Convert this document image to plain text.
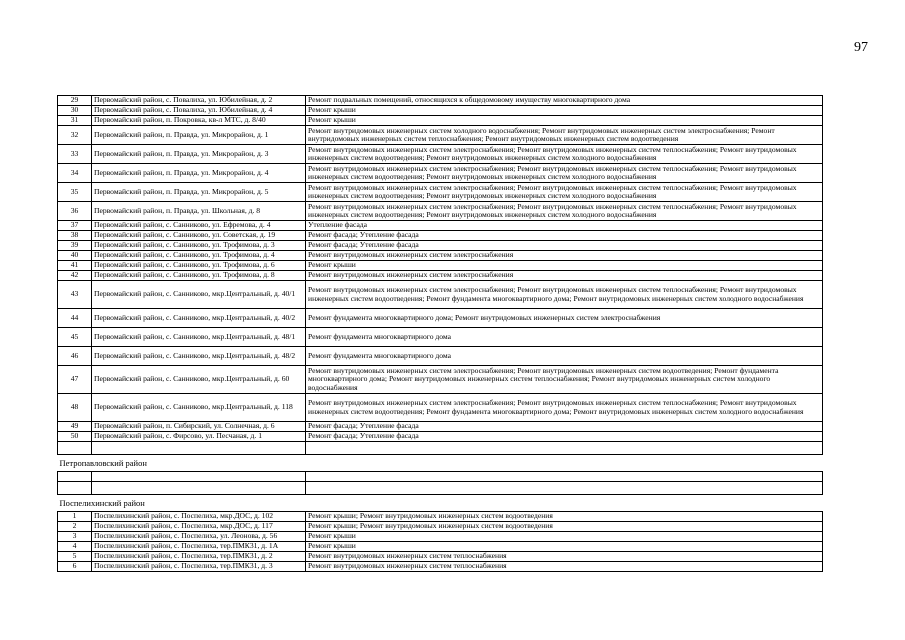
97
29	Первомайский район, с. Повалиха, ул. Юбилейная, д. 2	Ремонт подвальных помещений, относящихся к общедомовому имуществу многоквартирного дома
30	Первомайский район, с. Повалиха, ул. Юбилейная, д. 4	Ремонт крыши
31	Первомайский район, п. Покровка, кв-л МТС, д. 8/40	Ремонт крыши
32	Первомайский район, п. Правда, ул. Микрорайон, д. 1	Ремонт внутридомовых инженерных систем холодного водоснабжения; Ремонт внутридомовых инженерных систем электроснабжения; Ремонт внутридомовых инженерных систем теплоснабжения; Ремонт внутридомовых инженерных систем водоотведения
33	Первомайский район, п. Правда, ул. Микрорайон, д. 3	Ремонт внутридомовых инженерных систем электроснабжения; Ремонт внутридомовых инженерных систем теплоснабжения; Ремонт внутридомовых инженерных систем водоотведения; Ремонт внутридомовых инженерных систем холодного водоснабжения
34	Первомайский район, п. Правда, ул. Микрорайон, д. 4	Ремонт внутридомовых инженерных систем электроснабжения; Ремонт внутридомовых инженерных систем теплоснабжения; Ремонт внутридомовых инженерных систем водоотведения; Ремонт внутридомовых инженерных систем холодного водоснабжения
35	Первомайский район, п. Правда, ул. Микрорайон, д. 5	Ремонт внутридомовых инженерных систем электроснабжения; Ремонт внутридомовых инженерных систем теплоснабжения; Ремонт внутридомовых инженерных систем водоотведения; Ремонт внутридомовых инженерных систем холодного водоснабжения
36	Первомайский район, п. Правда, ул. Школьная, д. 8	Ремонт внутридомовых инженерных систем электроснабжения; Ремонт внутридомовых инженерных систем теплоснабжения; Ремонт внутридомовых инженерных систем водоотведения; Ремонт внутридомовых инженерных систем холодного водоснабжения
37	Первомайский район, с. Санниково, ул. Ефремова, д. 4	Утепление фасада
38	Первомайский район, с. Санниково, ул. Советская, д. 19	Ремонт фасада; Утепление фасада
39	Первомайский район, с. Санниково, ул. Трофимова, д. 3	Ремонт фасада; Утепление фасада
40	Первомайский район, с. Санниково, ул. Трофимова, д. 4	Ремонт внутридомовых инженерных систем электроснабжения
41	Первомайский район, с. Санниково, ул. Трофимова, д. 6	Ремонт крыши
42	Первомайский район, с. Санниково, ул. Трофимова, д. 8	Ремонт внутридомовых инженерных систем электроснабжения
43	Первомайский район, с. Санниково, мкр.Центральный, д. 40/1	Ремонт внутридомовых инженерных систем электроснабжения; Ремонт внутридомовых инженерных систем теплоснабжения; Ремонт внутридомовых инженерных систем водоотведения; Ремонт фундамента многоквартирного дома; Ремонт внутридомовых инженерных систем холодного водоснабжения
44	Первомайский район, с. Санниково, мкр.Центральный, д. 40/2	Ремонт фундамента многоквартирного дома; Ремонт внутридомовых инженерных систем электроснабжения
45	Первомайский район, с. Санниково, мкр.Центральный, д. 48/1	Ремонт фундамента многоквартирного дома
46	Первомайский район, с. Санниково, мкр.Центральный, д. 48/2	Ремонт фундамента многоквартирного дома
47	Первомайский район, с. Санниково, мкр.Центральный, д. 60	Ремонт внутридомовых инженерных систем электроснабжения; Ремонт внутридомовых инженерных систем водоотведения; Ремонт фундамента многоквартирного дома; Ремонт внутридомовых инженерных систем теплоснабжения; Ремонт внутридомовых инженерных систем холодного водоснабжения
48	Первомайский район, с. Санниково, мкр.Центральный, д. 118	Ремонт внутридомовых инженерных систем электроснабжения; Ремонт внутридомовых инженерных систем теплоснабжения; Ремонт внутридомовых инженерных систем водоотведения; Ремонт фундамента многоквартирного дома; Ремонт внутридомовых инженерных систем холодного водоснабжения
49	Первомайский район, п. Сибирский, ул. Солнечная, д. 6	Ремонт фасада; Утепление фасада
50	Первомайский район, с. Фирсово, ул. Песчаная, д. 1	Ремонт фасада; Утепление фасада

Петропавловский район		

Поспелихинский район		
1	Поспелихинский район, с. Поспелиха, мкр.ДОС, д. 102	Ремонт крыши; Ремонт внутридомовых инженерных систем водоотведения
2	Поспелихинский район, с. Поспелиха, мкр.ДОС, д. 117	Ремонт крыши; Ремонт внутридомовых инженерных систем водоотведения
3	Поспелихинский район, с. Поспелиха, ул. Леонова, д. 56	Ремонт крыши
4	Поспелихинский район, с. Поспелиха, тер.ПМК31, д. 1А	Ремонт крыши
5	Поспелихинский район, с. Поспелиха, тер.ПМК31, д. 2	Ремонт внутридомовых инженерных систем теплоснабжения
6	Поспелихинский район, с. Поспелиха, тер.ПМК31, д. 3	Ремонт внутридомовых инженерных систем теплоснабжения
